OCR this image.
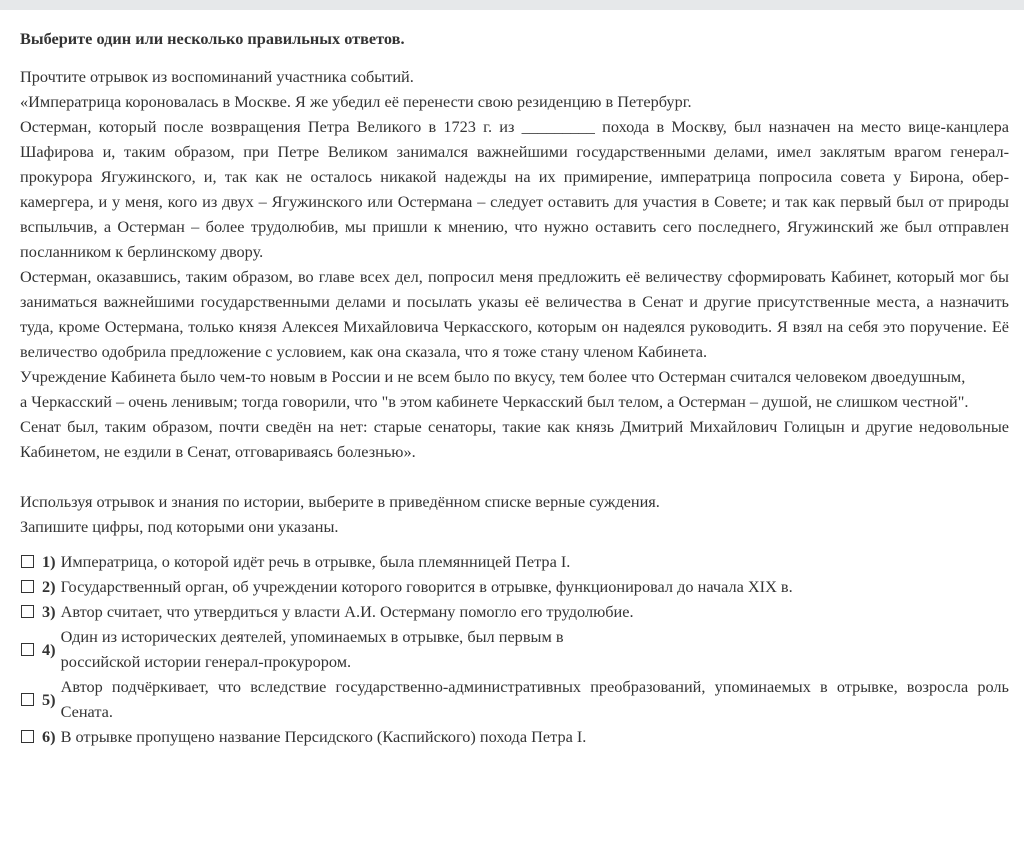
Выберите один или несколько правильных ответов.

Прочтите отрывок из воспоминаний участника событий.

«Императрица короновалась в Москве. Я же убедил её перенести свою резиденцию в Петербург.

Остерман, который после возвращения Петра Великого в 1723 г. из _________ похода в Москву, был назначен на место вице-канцлера Шафирова и, таким образом, при Петре Великом занимался важнейшими государственными делами, имел заклятым врагом генерал-прокурора Ягужинского, и, так как не осталось никакой надежды на их примирение, императрица попросила совета у Бирона, обер-камергера, и у меня, кого из двух – Ягужинского или Остермана – следует оставить для участия в Совете; и так как первый был от природы вспыльчив, а Остерман – более трудолюбив, мы пришли к мнению, что нужно оставить сего последнего, Ягужинский же был отправлен посланником к берлинскому двору.

Остерман, оказавшись, таким образом, во главе всех дел, попросил меня предложить её величеству сформировать Кабинет, который мог бы заниматься важнейшими государственными делами и посылать указы её величества в Сенат и другие присутственные места, а назначить туда, кроме Остермана, только князя Алексея Михайловича Черкасского, которым он надеялся руководить. Я взял на себя это поручение. Её величество одобрила предложение с условием, как она сказала, что я тоже стану членом Кабинета.

Учреждение Кабинета было чем-то новым в России и не всем было по вкусу, тем более что Остерман считался человеком двоедушным,

а Черкасский – очень ленивым; тогда говорили, что "в этом кабинете Черкасский был телом, а Остерман – душой, не слишком честной".

Сенат был, таким образом, почти сведён на нет: старые сенаторы, такие как князь Дмитрий Михайлович Голицын и другие недовольные Кабинетом, не ездили в Сенат, отговариваясь болезнью».

Используя отрывок и знания по истории, выберите в приведённом списке верные суждения.

Запишите цифры, под которыми они указаны.

1) Императрица, о которой идёт речь в отрывке, была племянницей Петра I.
2) Государственный орган, об учреждении которого говорится в отрывке, функционировал до начала XIX в.
3) Автор считает, что утвердиться у власти А.И. Остерману помогло его трудолюбие.
4)
Один из исторических деятелей, упоминаемых в отрывке, был первым в российской истории генерал-прокурором.
5)
Автор подчёркивает, что вследствие государственно-административных преобразований, упоминаемых в отрывке, возросла роль Сената.
6) В отрывке пропущено название Персидского (Каспийского) похода Петра I.
